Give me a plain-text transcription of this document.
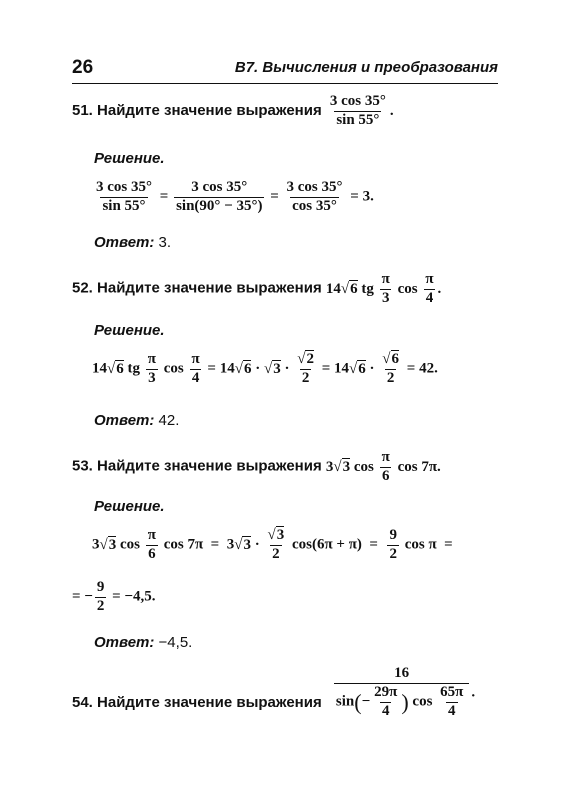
26	В7. Вычисления и преобразования
51. Найдите значение выражения $\frac{3 \cos 35^\circ}{\sin 55^\circ}$ .
Решение.
$\frac{3 \cos 35^\circ}{\sin 55^\circ} = \frac{3 \cos 35^\circ}{\sin(90^\circ - 35^\circ)} = \frac{3 \cos 35^\circ}{\cos 35^\circ} = 3$.
Ответ: 3.
52. Найдите значение выражения 14√6 tg $\frac{\pi}{3}$ $\cos \frac{\pi}{4}$ .
Решение.
14√6 tg $\frac{\pi}{3}$ $\cos \frac{\pi}{4} = 14√6 \cdot √3 \cdot \frac{√2}{2} = 14√6 \cdot \frac{√6}{2} = 42$.
Ответ: 42.
53. Найдите значение выражения 3√3 $\cos \frac{\pi}{6}$ cos 7π.
Решение.
3√3 $\cos \frac{\pi}{6}$ $\cos 7\pi = 3√3 \cdot \frac{√3}{2} \cos(6\pi + \pi) = \frac{9}{2}$ cos π  =
= − $\frac{9}{2} = -4,5$.
Ответ: −4,5.
54. Найдите значение выражения $\frac{16}{\sin(- \frac{29\pi}{4} ) \cos \frac{65\pi}{4}}$ .
